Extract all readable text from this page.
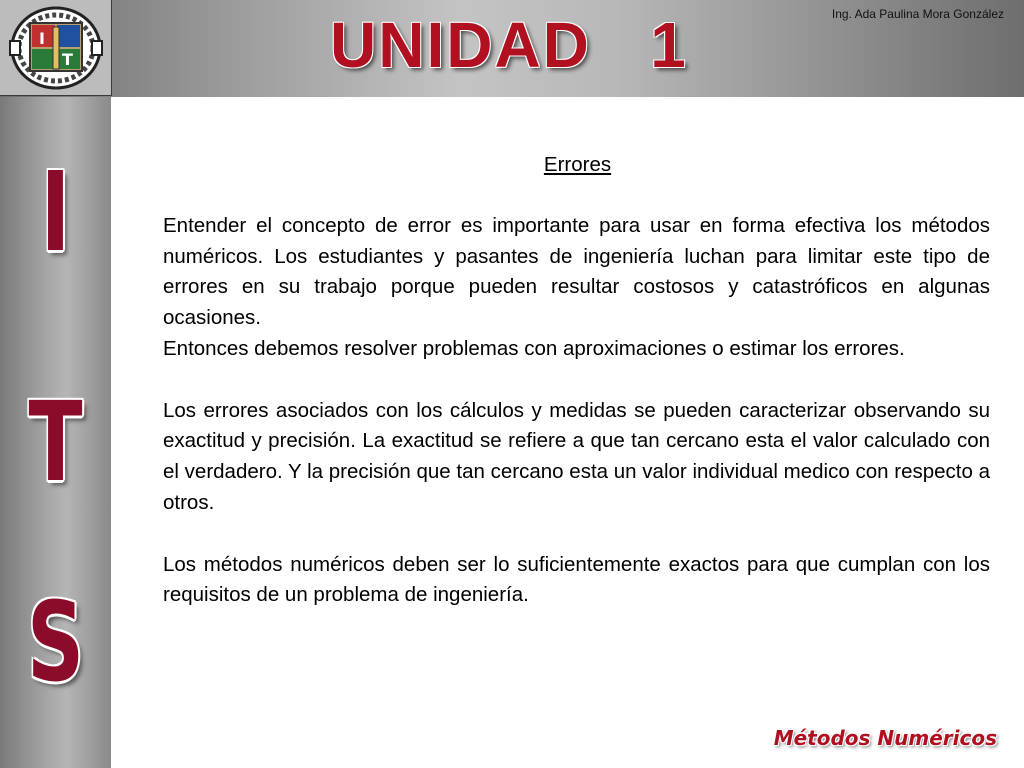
I
T	UNIDAD   1	Ing. Ada Paulina Mora González
I
T
S

Errores

Entender el concepto de error es importante para usar en forma efectiva los métodos numéricos. Los estudiantes y pasantes de ingeniería luchan para limitar este tipo de errores en su trabajo porque pueden resultar costosos y catastróficos en algunas ocasiones.

Entonces debemos resolver problemas con aproximaciones o estimar los errores.

Los errores asociados con los cálculos y medidas se pueden caracterizar observando su exactitud y precisión. La exactitud se refiere a que tan cercano esta el valor calculado con el verdadero. Y la precisión que tan cercano esta un valor individual medico con respecto a otros.

Los métodos numéricos deben ser lo suficientemente exactos para que cumplan con los requisitos de un problema de ingeniería.

Métodos Numéricos
